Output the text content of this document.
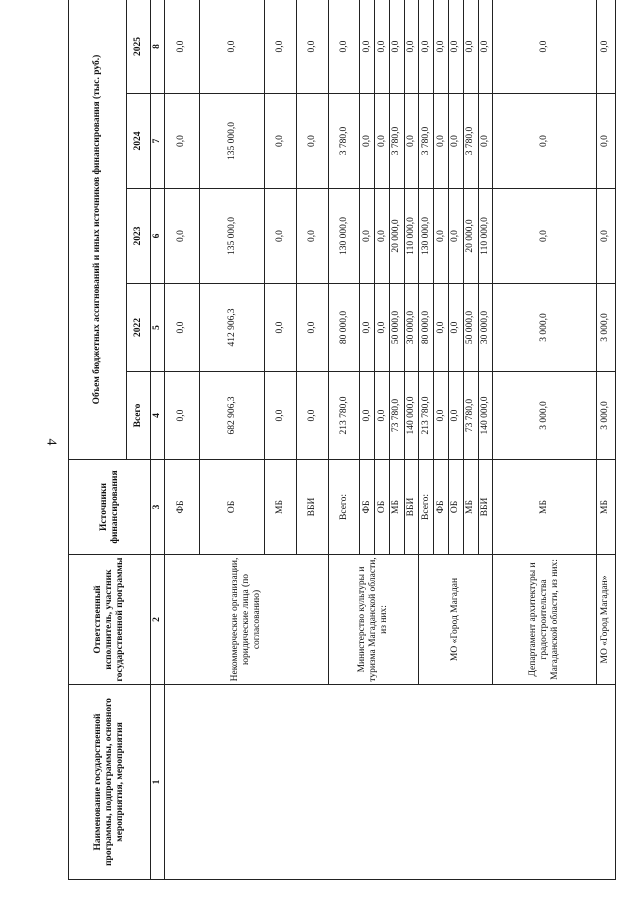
4
Наименование государственной программы, подпрограммы, основного мероприятия, мероприятия	Ответственный исполнитель, участник государственной программы	Источники финансирования	Объем бюджетных ассигнований и иных источников финансирования (тыс. руб.)				
			Всего	2022	2023	2024	2025
1	2	3	4	5	6	7	8
	Некоммерческие организации, юридические лица (по согласованию)	ФБ	0,0	0,0	0,0	0,0	0,0
		ОБ	682 906,3	412 906,3	135 000,0	135 000,0	0,0
		МБ	0,0	0,0	0,0	0,0	0,0
		ВБИ	0,0	0,0	0,0	0,0	0,0
	Министерство культуры и туризма Магаданской области, из них:	Всего:	213 780,0	80 000,0	130 000,0	3 780,0	0,0
		ФБ	0,0	0,0	0,0	0,0	0,0
		ОБ	0,0	0,0	0,0	0,0	0,0
		МБ	73 780,0	50 000,0	20 000,0	3 780,0	0,0
		ВБИ	140 000,0	30 000,0	110 000,0	0,0	0,0
	МО «Город Магадан	Всего:	213 780,0	80 000,0	130 000,0	3 780,0	0,0
		ФБ	0,0	0,0	0,0	0,0	0,0
		ОБ	0,0	0,0	0,0	0,0	0,0
		МБ	73 780,0	50 000,0	20 000,0	3 780,0	0,0
		ВБИ	140 000,0	30 000,0	110 000,0	0,0	0,0
	Департамент архитектуры и градостроительства Магаданской области, из них:	МБ	3 000,0	3 000,0	0,0	0,0	0,0
	МО «Город Магадан»	МБ	3 000,0	3 000,0	0,0	0,0	0,0
